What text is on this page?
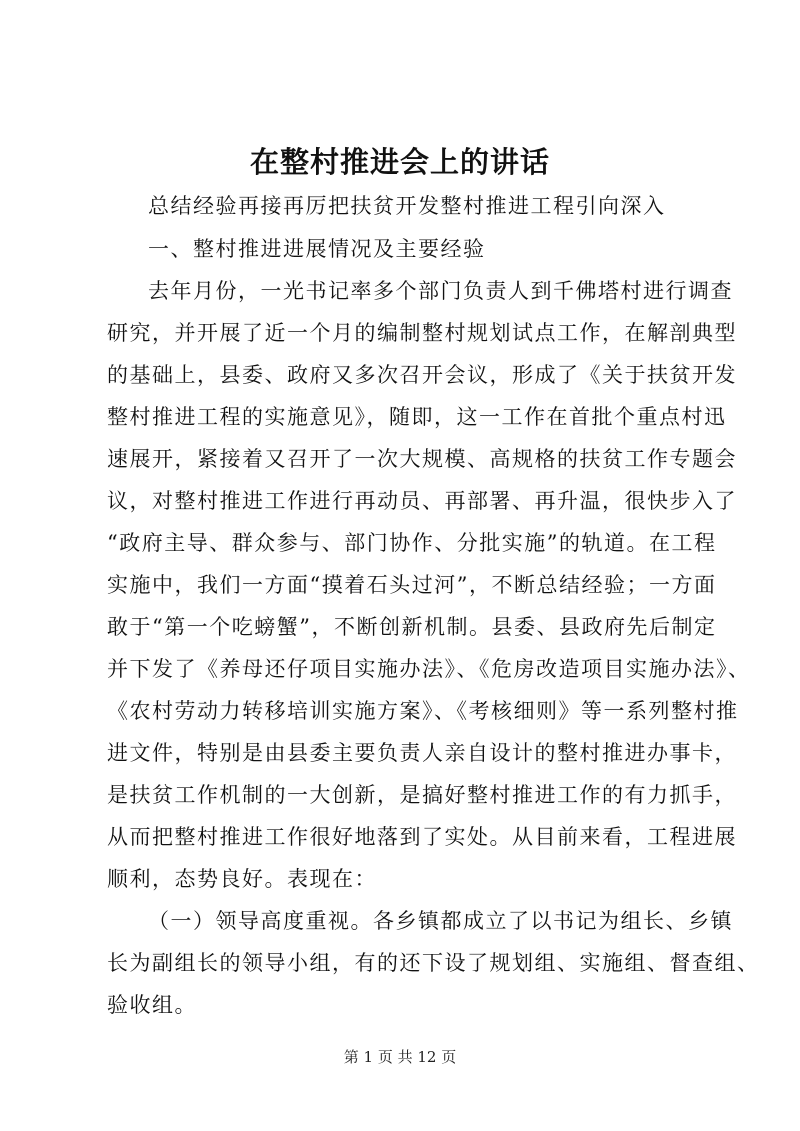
在整村推进会上的讲话
总结经验再接再厉把扶贫开发整村推进工程引向深入
一、整村推进进展情况及主要经验
去年月份，一光书记率多个部门负责人到千佛塔村进行调查
研究，并开展了近一个月的编制整村规划试点工作，在解剖典型
的基础上，县委、政府又多次召开会议，形成了《关于扶贫开发
整村推进工程的实施意见》，随即，这一工作在首批个重点村迅
速展开，紧接着又召开了一次大规模、高规格的扶贫工作专题会
议，对整村推进工作进行再动员、再部署、再升温，很快步入了
“政府主导、群众参与、部门协作、分批实施”的轨道。在工程
实施中，我们一方面“摸着石头过河”，不断总结经验；一方面
敢于“第一个吃螃蟹”，不断创新机制。县委、县政府先后制定
并下发了《养母还仔项目实施办法》、《危房改造项目实施办法》、
《农村劳动力转移培训实施方案》、《考核细则》等一系列整村推
进文件，特别是由县委主要负责人亲自设计的整村推进办事卡，
是扶贫工作机制的一大创新，是搞好整村推进工作的有力抓手，
从而把整村推进工作很好地落到了实处。从目前来看，工程进展
顺利，态势良好。表现在：
（一）领导高度重视。各乡镇都成立了以书记为组长、乡镇
长为副组长的领导小组，有的还下设了规划组、实施组、督查组、
验收组。
第 1 页 共 12 页
